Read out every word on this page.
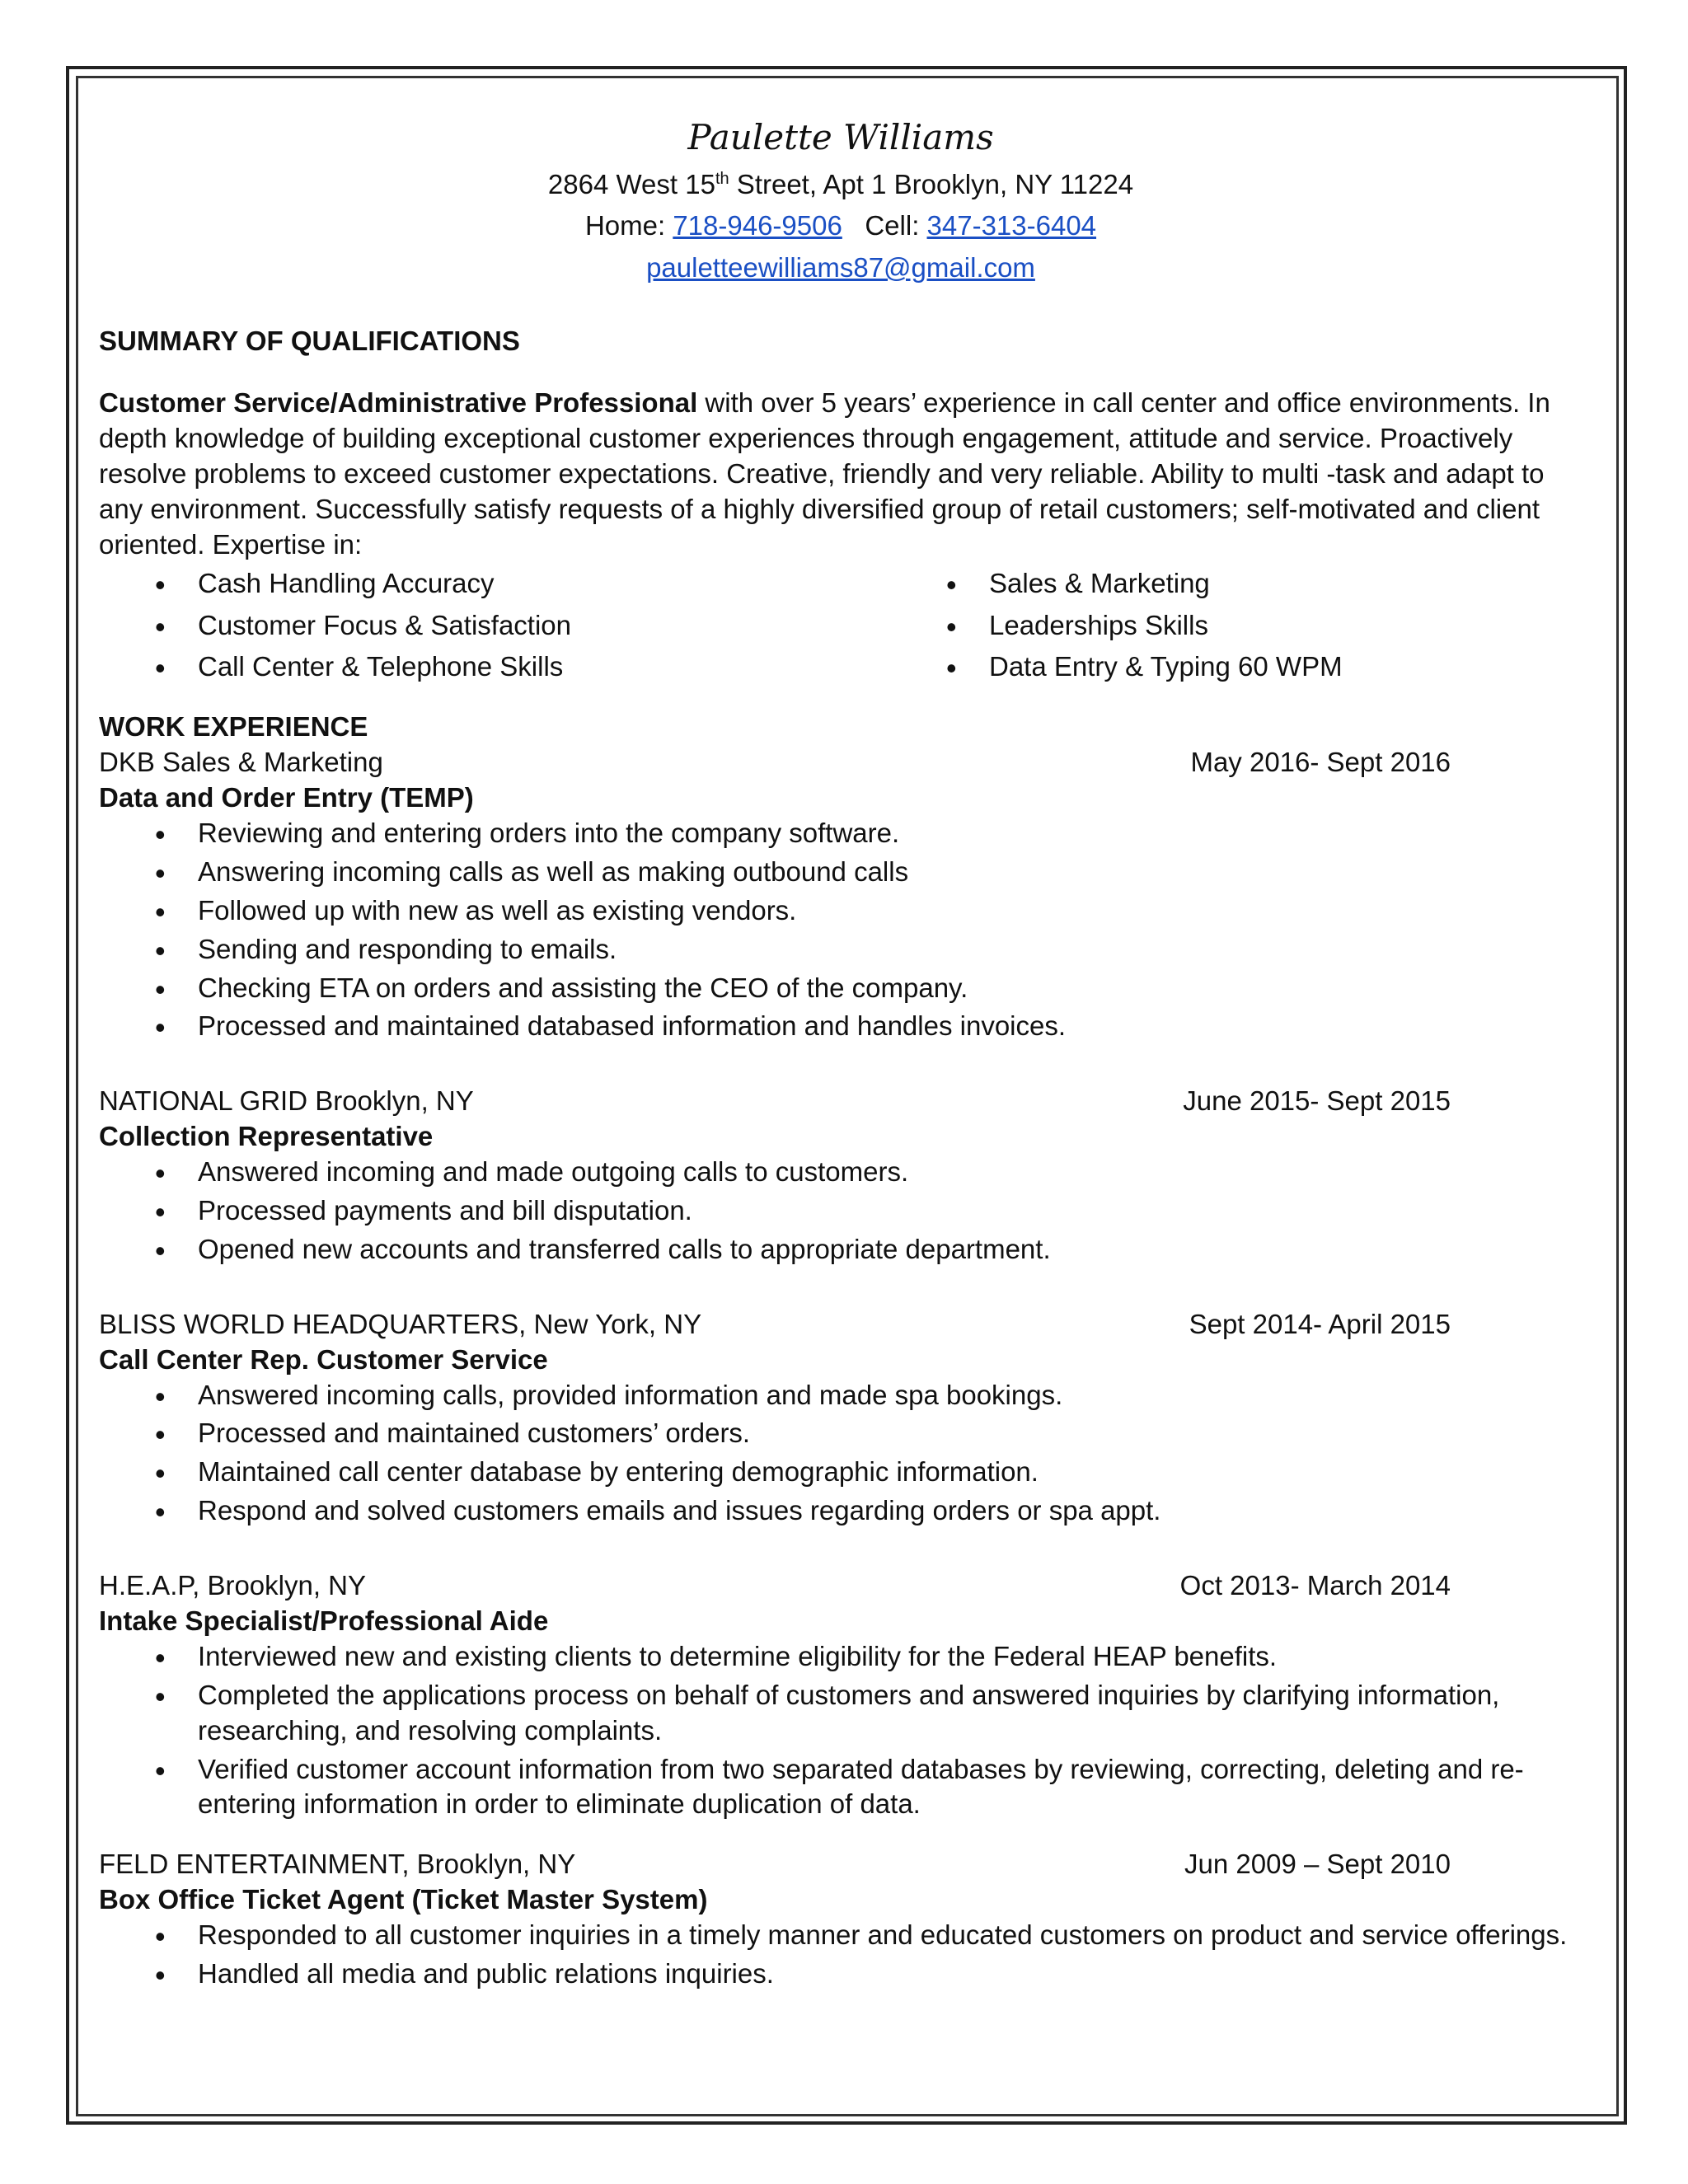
Paulette Williams
2864 West 15th Street, Apt 1 Brooklyn, NY 11224
Home: 718-946-9506 Cell: 347-313-6404
pauletteewilliams87@gmail.com
SUMMARY OF QUALIFICATIONS
Customer Service/Administrative Professional with over 5 years’ experience in call center and office environments. In depth knowledge of building exceptional customer experiences through engagement, attitude and service. Proactively resolve problems to exceed customer expectations. Creative, friendly and very reliable. Ability to multi -task and adapt to any environment. Successfully satisfy requests of a highly diversified group of retail customers; self-motivated and client oriented. Expertise in:
• Cash Handling Accuracy
• Customer Focus & Satisfaction
• Call Center & Telephone Skills
• Sales & Marketing
• Leaderships Skills
• Data Entry & Typing 60 WPM
WORK EXPERIENCE
DKB Sales & Marketing	May 2016- Sept 2016
Data and Order Entry (TEMP)
• Reviewing and entering orders into the company software.
• Answering incoming calls as well as making outbound calls
• Followed up with new as well as existing vendors.
• Sending and responding to emails.
• Checking ETA on orders and assisting the CEO of the company.
• Processed and maintained databased information and handles invoices.
NATIONAL GRID Brooklyn, NY	June 2015- Sept 2015
Collection Representative
• Answered incoming and made outgoing calls to customers.
• Processed payments and bill disputation.
• Opened new accounts and transferred calls to appropriate department.
BLISS WORLD HEADQUARTERS, New York, NY	Sept 2014- April 2015
Call Center Rep. Customer Service
• Answered incoming calls, provided information and made spa bookings.
• Processed and maintained customers’ orders.
• Maintained call center database by entering demographic information.
• Respond and solved customers emails and issues regarding orders or spa appt.
H.E.A.P, Brooklyn, NY	Oct 2013- March 2014
Intake Specialist/Professional Aide
• Interviewed new and existing clients to determine eligibility for the Federal HEAP benefits.
• Completed the applications process on behalf of customers and answered inquiries by clarifying information, researching, and resolving complaints.
• Verified customer account information from two separated databases by reviewing, correcting, deleting and re-entering information in order to eliminate duplication of data.
FELD ENTERTAINMENT, Brooklyn, NY	Jun 2009 – Sept 2010
Box Office Ticket Agent (Ticket Master System)
• Responded to all customer inquiries in a timely manner and educated customers on product and service offerings.
• Handled all media and public relations inquiries.
